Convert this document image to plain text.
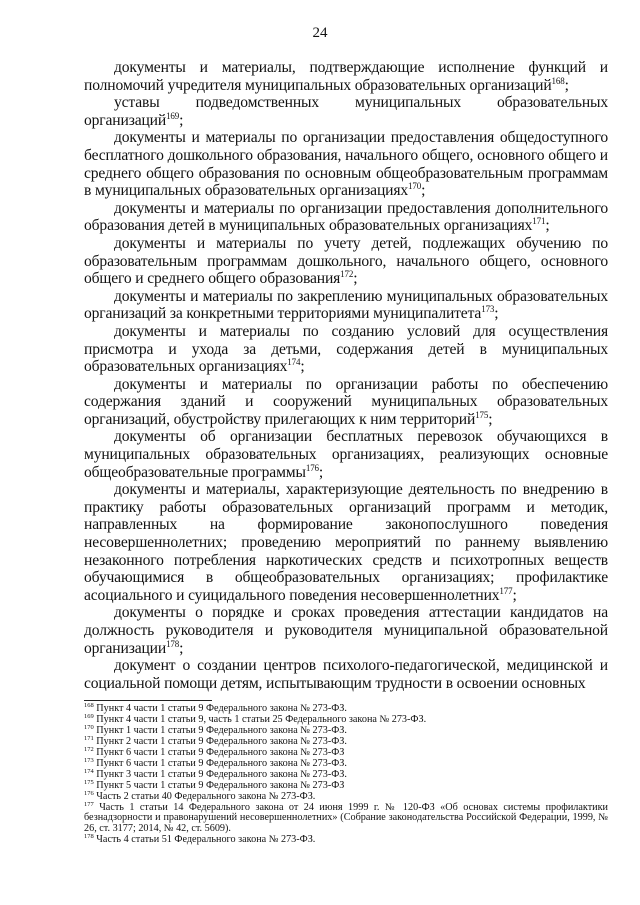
24

документы и материалы, подтверждающие исполнение функций и полномочий учредителя муниципальных образовательных организаций$^{168}$;

уставы подведомственных муниципальных образовательных организаций$^{169}$;

документы и материалы по организации предоставления общедоступного бесплатного дошкольного образования, начального общего, основного общего и среднего общего образования по основным общеобразовательным программам в муниципальных образовательных организациях$^{170}$;

документы и материалы по организации предоставления дополнительного образования детей в муниципальных образовательных организациях$^{171}$;

документы и материалы по учету детей, подлежащих обучению по образовательным программам дошкольного, начального общего, основного общего и среднего общего образования$^{172}$;

документы и материалы по закреплению муниципальных образовательных организаций за конкретными территориями муниципалитета$^{173}$;

документы и материалы по созданию условий для осуществления присмотра и ухода за детьми, содержания детей в муниципальных образовательных организациях$^{174}$;

документы и материалы по организации работы по обеспечению содержания зданий и сооружений муниципальных образовательных организаций, обустройству прилегающих к ним территорий$^{175}$;

документы об организации бесплатных перевозок обучающихся в муниципальных образовательных организациях, реализующих основные общеобразовательные программы$^{176}$;

документы и материалы, характеризующие деятельность по внедрению в практику работы образовательных организаций программ и методик, направленных на формирование законопослушного поведения несовершеннолетних; проведению мероприятий по раннему выявлению незаконного потребления наркотических средств и психотропных веществ обучающимися в общеобразовательных организациях; профилактике асоциального и суицидального поведения несовершеннолетних$^{177}$;

документы о порядке и сроках проведения аттестации кандидатов на должность руководителя и руководителя муниципальной образовательной организации$^{178}$;

документ о создании центров психолого-педагогической, медицинской и социальной помощи детям, испытывающим трудности в освоении основных

$^{168}$ Пункт 4 части 1 статьи 9 Федерального закона № 273-ФЗ.

$^{169}$ Пункт 4 части 1 статьи 9, часть 1 статьи 25 Федерального закона № 273-ФЗ.

$^{170}$ Пункт 1 части 1 статьи 9 Федерального закона № 273-ФЗ.

$^{171}$ Пункт 2 части 1 статьи 9 Федерального закона № 273-ФЗ.

$^{172}$ Пункт 6 части 1 статьи 9 Федерального закона № 273-ФЗ

$^{173}$ Пункт 6 части 1 статьи 9 Федерального закона № 273-ФЗ.

$^{174}$ Пункт 3 части 1 статьи 9 Федерального закона № 273-ФЗ.

$^{175}$ Пункт 5 части 1 статьи 9 Федерального закона № 273-ФЗ

$^{176}$ Часть 2 статьи 40 Федерального закона № 273-ФЗ.

$^{177}$ Часть 1 статьи 14 Федерального закона от 24 июня 1999 г. № 120-ФЗ «Об основах системы профилактики безнадзорности и правонарушений несовершеннолетних» (Собрание законодательства Российской Федерации, 1999, № 26, ст. 3177; 2014, № 42, ст. 5609).

$^{178}$ Часть 4 статьи 51 Федерального закона № 273-ФЗ.
